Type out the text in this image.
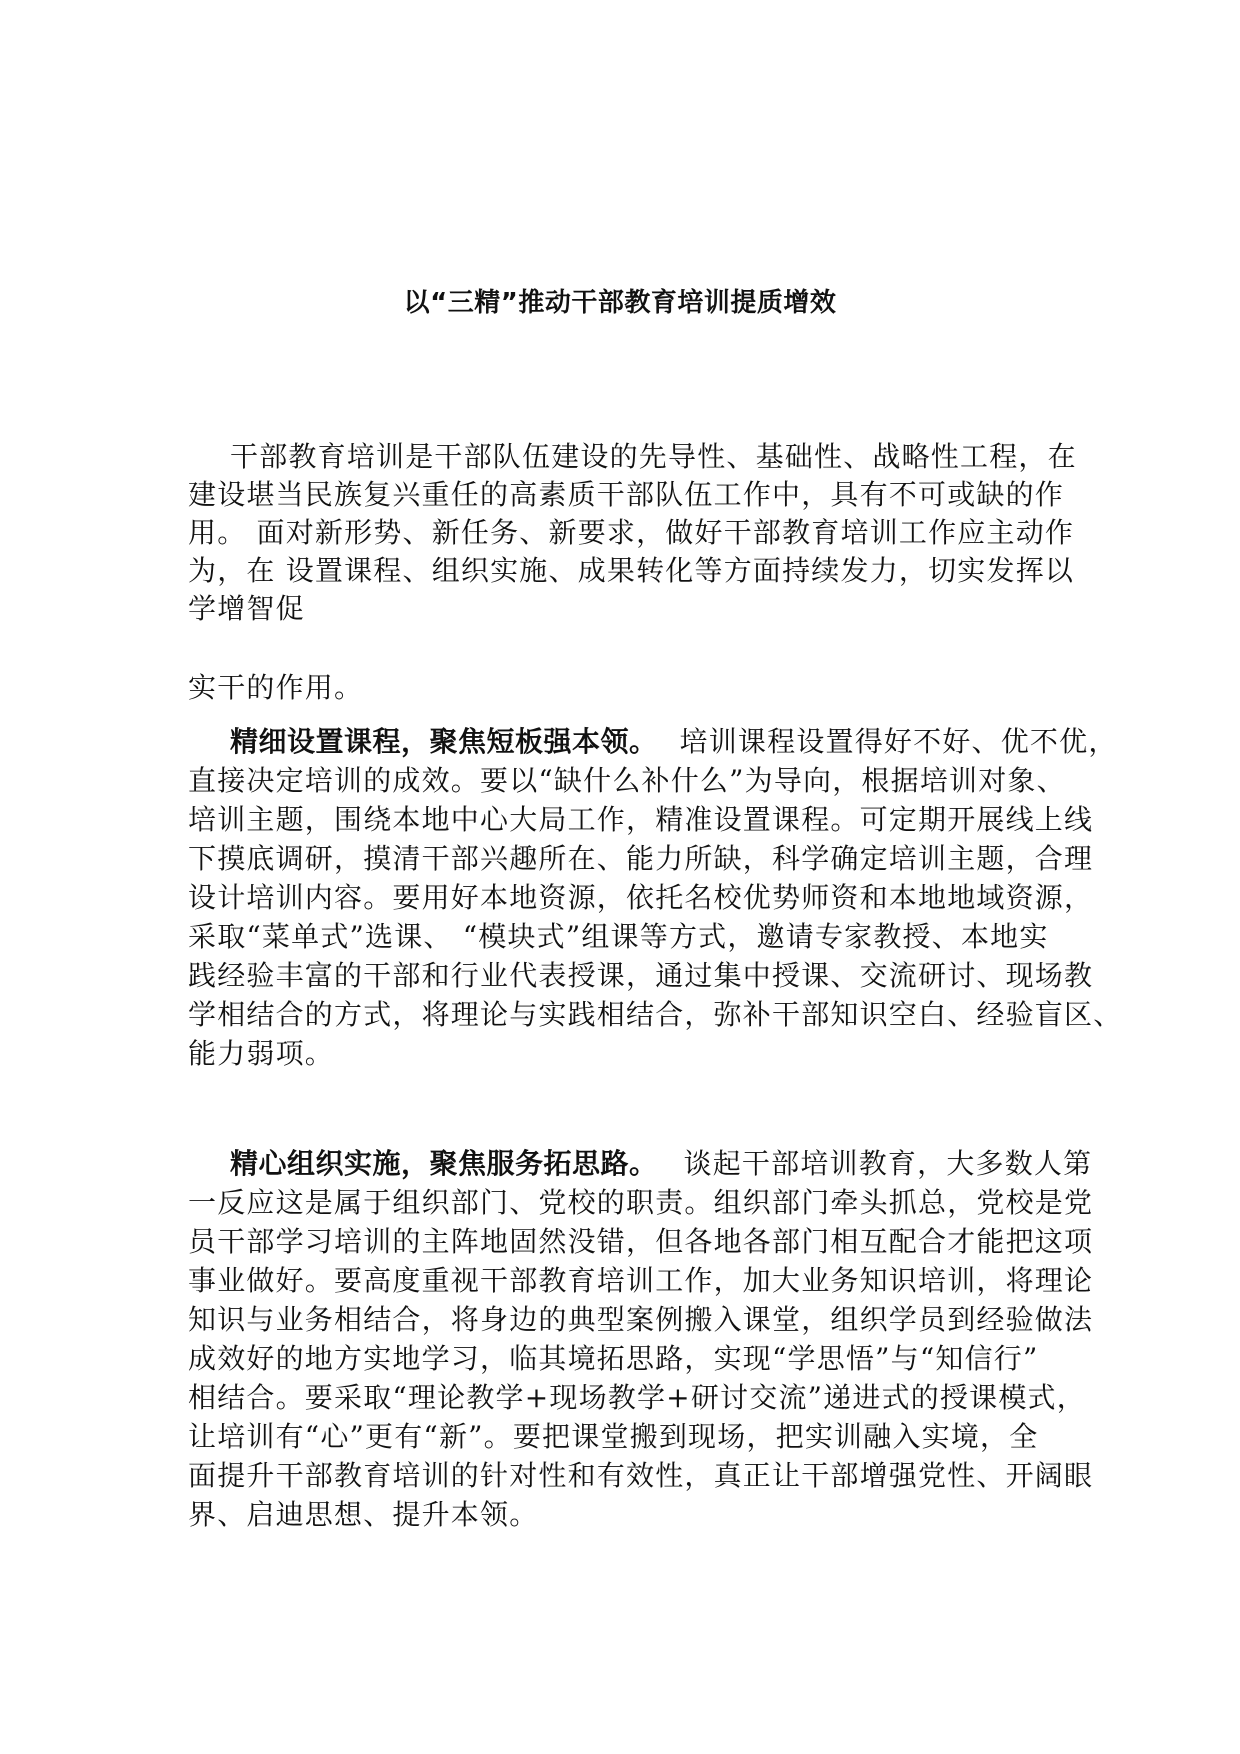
以“三精”推动干部教育培训提质增效
干部教育培训是干部队伍建设的先导性、基础性、战略性工程，在
建设堪当民族复兴重任的高素质干部队伍工作中，具有不可或缺的作
用。 面对新形势、新任务、新要求，做好干部教育培训工作应主动作
为，在 设置课程、组织实施、成果转化等方面持续发力，切实发挥以
学增智促
实干的作用。
精细设置课程，聚焦短板强本领。 培训课程设置得好不好、优不优，
直接决定培训的成效。要以“缺什么补什么”为导向，根据培训对象、
培训主题，围绕本地中心大局工作，精准设置课程。可定期开展线上线
下摸底调研，摸清干部兴趣所在、能力所缺，科学确定培训主题，合理
设计培训内容。要用好本地资源，依托名校优势师资和本地地域资源，
采取“菜单式”选课、 “模块式”组课等方式，邀请专家教授、本地实
践经验丰富的干部和行业代表授课，通过集中授课、交流研讨、现场教
学相结合的方式，将理论与实践相结合，弥补干部知识空白、经验盲区、
能力弱项。
精心组织实施，聚焦服务拓思路。 谈起干部培训教育，大多数人第
一反应这是属于组织部门、党校的职责。组织部门牵头抓总，党校是党
员干部学习培训的主阵地固然没错，但各地各部门相互配合才能把这项
事业做好。要高度重视干部教育培训工作，加大业务知识培训，将理论
知识与业务相结合，将身边的典型案例搬入课堂，组织学员到经验做法
成效好的地方实地学习，临其境拓思路，实现“学思悟”与“知信行”
相结合。要采取“理论教学+现场教学+研讨交流”递进式的授课模式，
让培训有“心”更有“新”。要把课堂搬到现场，把实训融入实境，全
面提升干部教育培训的针对性和有效性，真正让干部增强党性、开阔眼
界、启迪思想、提升本领。
